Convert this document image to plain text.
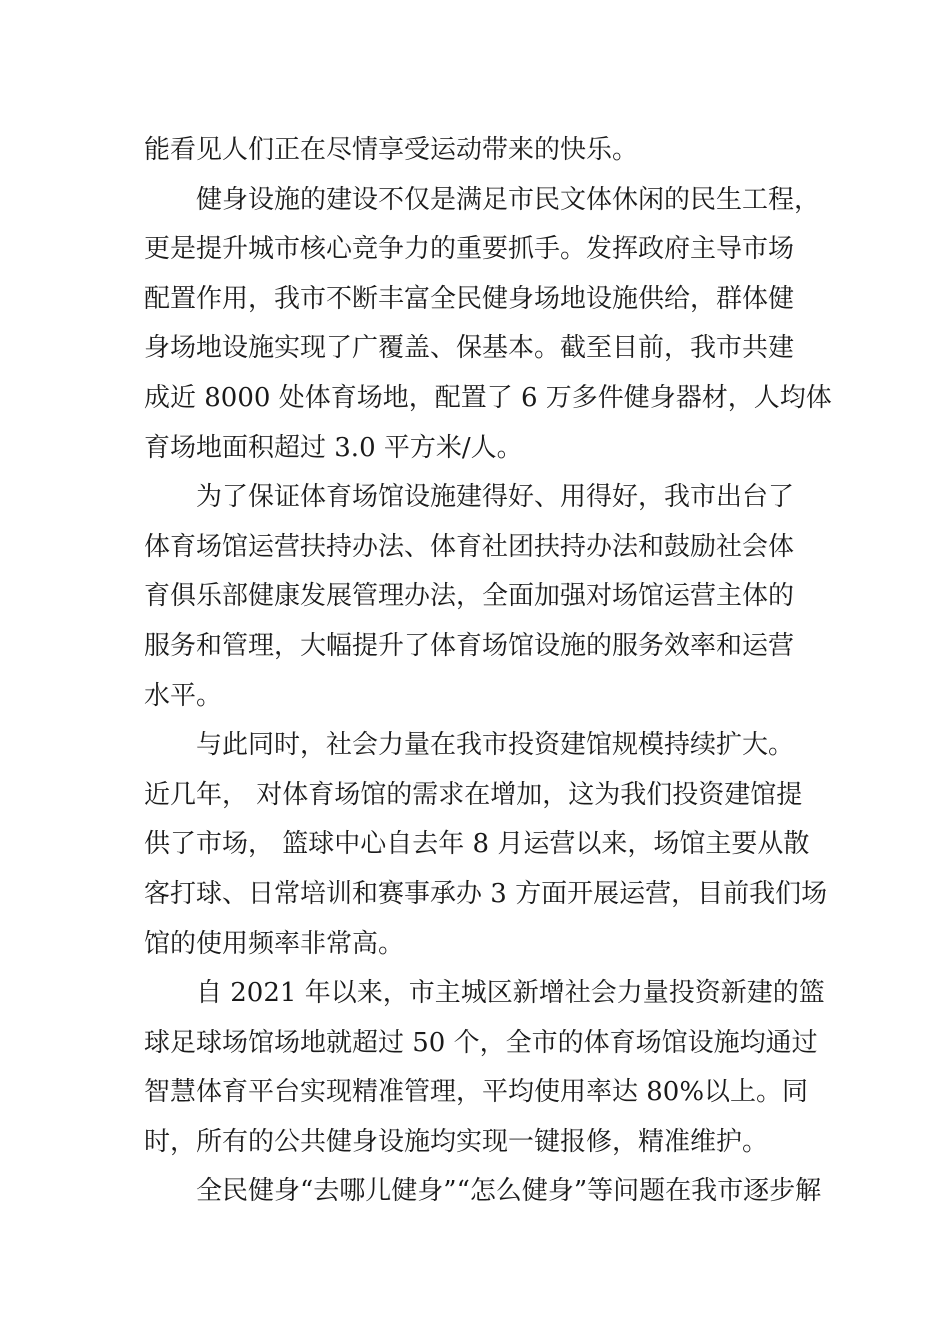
能看见人们正在尽情享受运动带来的快乐。
健身设施的建设不仅是满足市民文体休闲的民生工程，
更是提升城市核心竞争力的重要抓手。发挥政府主导市场
配置作用，我市不断丰富全民健身场地设施供给，群体健
身场地设施实现了广覆盖、保基本。截至目前，我市共建
成近 8000 处体育场地，配置了 6 万多件健身器材，人均体
育场地面积超过 3.0 平方米/人。
为了保证体育场馆设施建得好、用得好，我市出台了
体育场馆运营扶持办法、体育社团扶持办法和鼓励社会体
育俱乐部健康发展管理办法，全面加强对场馆运营主体的
服务和管理，大幅提升了体育场馆设施的服务效率和运营
水平。
与此同时，社会力量在我市投资建馆规模持续扩大。
近几年， 对体育场馆的需求在增加，这为我们投资建馆提
供了市场， 篮球中心自去年 8 月运营以来，场馆主要从散
客打球、日常培训和赛事承办 3 方面开展运营，目前我们场
馆的使用频率非常高。
自 2021 年以来，市主城区新增社会力量投资新建的篮
球足球场馆场地就超过 50 个，全市的体育场馆设施均通过
智慧体育平台实现精准管理，平均使用率达 80%以上。同
时，所有的公共健身设施均实现一键报修，精准维护。
全民健身“去哪儿健身”“怎么健身”等问题在我市逐步解
